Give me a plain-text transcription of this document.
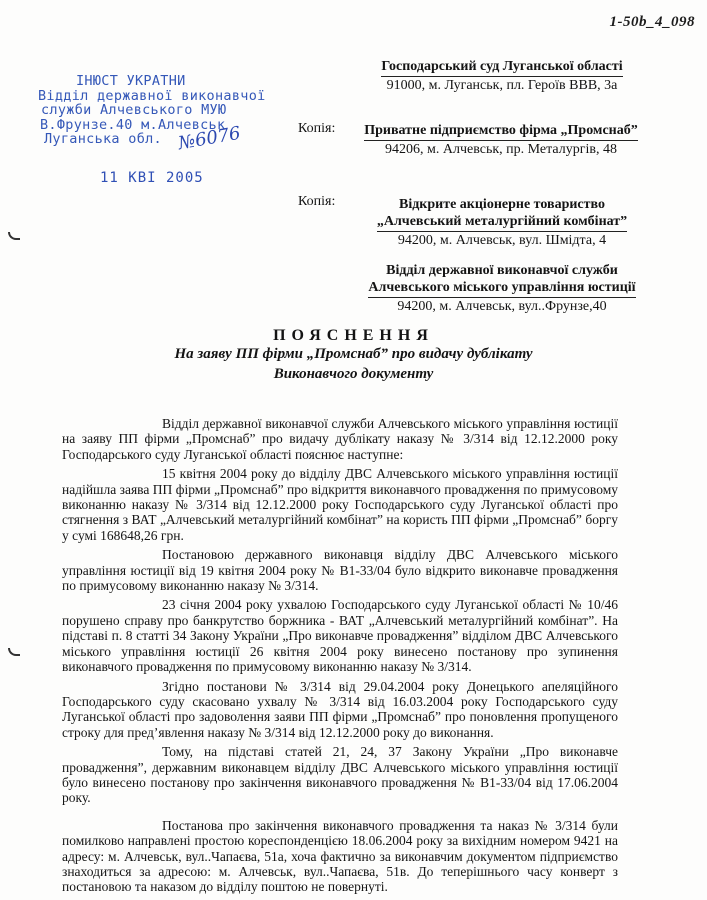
1-50b_4_098
ІНЮСТ УКРАТНИ
Відділ державної виконавчої
служби Алчевського МУЮ
В.Фрунзе.40 м.Алчевськ
Луганська обл. №6076
11 КВІ 2005
Господарський суд Луганської області
91000, м. Луганськ, пл. Героїв ВВВ, 3а
Копія:	Приватне підприємство фірма „Промснаб”
94206, м. Алчевськ, пр. Металургів, 48
Копія:	Відкрите акціонерне товариство
„Алчевський металургійний комбінат”
94200, м. Алчевськ, вул. Шмідта, 4
Відділ державної виконавчої служби
Алчевського міського управління юстиції
94200, м. Алчевськ, вул..Фрунзе,40
ПОЯСНЕННЯ
На заяву ПП фірми „Промснаб” про видачу дублікату
Виконавчого документу

Відділ державної виконавчої служби Алчевського міського управління юстиції на заяву ПП фірми „Промснаб” про видачу дублікату наказу № 3/314 від 12.12.2000 року Господарського суду Луганської області пояснює наступне:

15 квітня 2004 року до відділу ДВС Алчевського міського управління юстиції надійшла заява ПП фірми „Промснаб” про відкриття виконавчого провадження по примусовому виконанню наказу № 3/314 від 12.12.2000 року Господарського суду Луганської області про стягнення з ВАТ „Алчевський металургійний комбінат” на користь ПП фірми „Промснаб” боргу у сумі 168648,26 грн.

Постановою державного виконавця відділу ДВС Алчевського міського управління юстиції від 19 квітня 2004 року № В1-33/04 було відкрито виконавче провадження по примусовому виконанню наказу № 3/314.

23 січня 2004 року ухвалою Господарського суду Луганської області № 10/46 порушено справу про банкрутство боржника - ВАТ „Алчевський металургійний комбінат”. На підставі п. 8 статті 34 Закону України „Про виконавче провадження” відділом ДВС Алчевського міського управління юстиції 26 квітня 2004 року винесено постанову про зупинення виконавчого провадження по примусовому виконанню наказу № 3/314.

Згідно постанови № 3/314 від 29.04.2004 року Донецького апеляційного Господарського суду скасовано ухвалу № 3/314 від 16.03.2004 року Господарського суду Луганської області про задоволення заяви ПП фірми „Промснаб” про поновлення пропущеного строку для пред’явлення наказу № 3/314 від 12.12.2000 року до виконання.

Тому, на підставі статей 21, 24, 37 Закону України „Про виконавче провадження”, державним виконавцем відділу ДВС Алчевського міського управління юстиції було винесено постанову про закінчення виконавчого провадження № В1-33/04 від 17.06.2004 року.

Постанова про закінчення виконавчого провадження та наказ № 3/314 були помилково направлені простою кореспонденцією 18.06.2004 року за вихідним номером 9421 на адресу: м. Алчевськ, вул..Чапаєва, 51а, хоча фактично за виконавчим документом підприємство знаходиться за адресою: м. Алчевськ, вул..Чапаєва, 51в. До теперішнього часу конверт з постановою та наказом до відділу поштою не повернуті.
